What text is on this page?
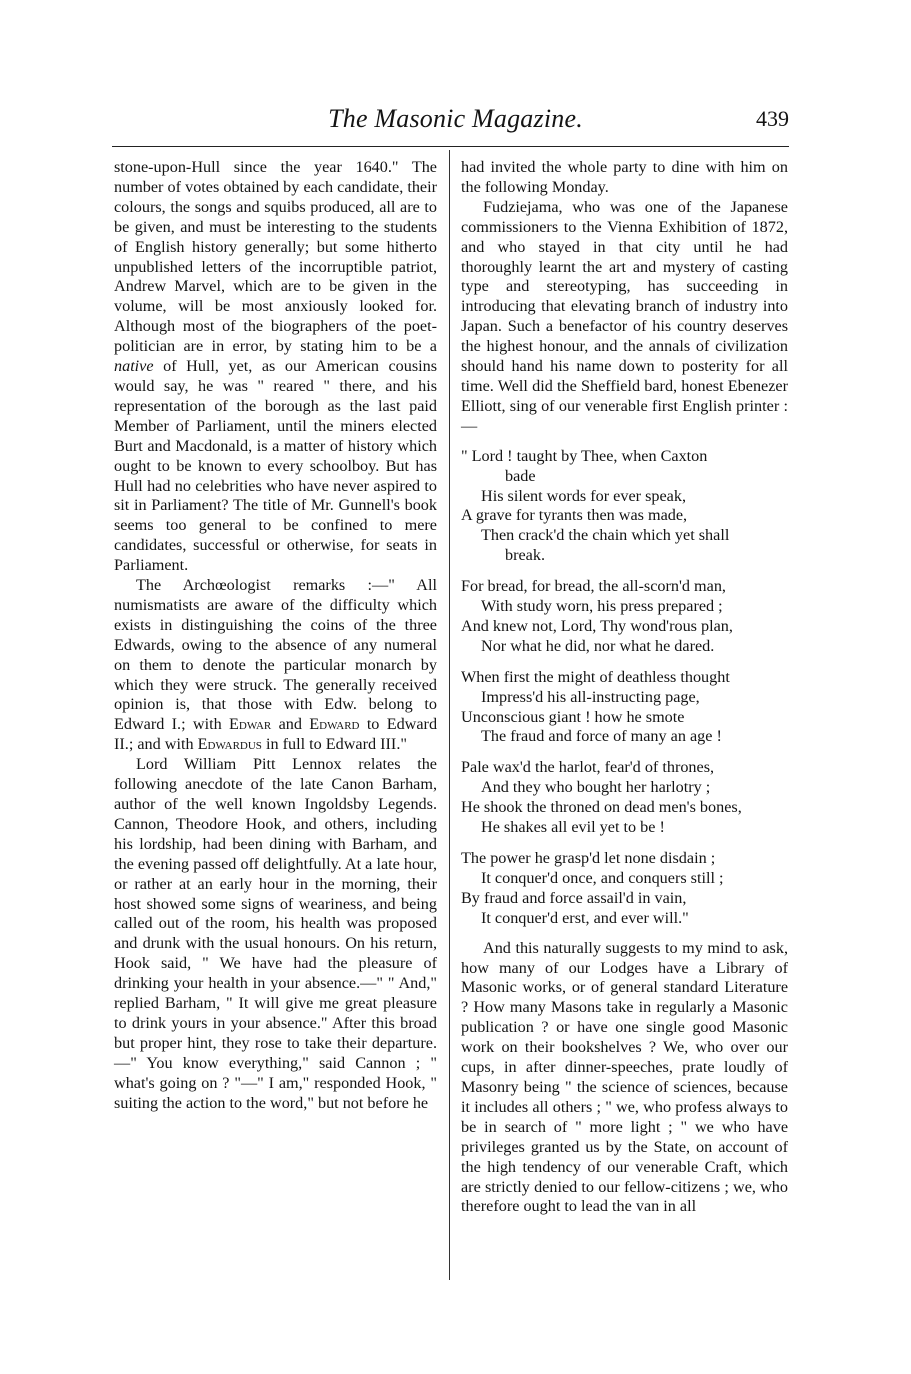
The Masonic Magazine.	439

stone-upon-Hull since the year 1640." The number of votes obtained by each candidate, their colours, the songs and squibs produced, all are to be given, and must be interesting to the students of English history generally; but some hitherto unpublished letters of the incorruptible patriot, Andrew Marvel, which are to be given in the volume, will be most anxiously looked for. Although most of the biographers of the poet-politician are in error, by stating him to be a native of Hull, yet, as our American cousins would say, he was " reared " there, and his representation of the borough as the last paid Member of Parliament, until the miners elected Burt and Macdonald, is a matter of history which ought to be known to every schoolboy. But has Hull had no celebrities who have never aspired to sit in Parliament? The title of Mr. Gunnell's book seems too general to be confined to mere candidates, successful or otherwise, for seats in Parliament.

The Archœologist remarks :—" All numismatists are aware of the difficulty which exists in distinguishing the coins of the three Edwards, owing to the absence of any numeral on them to denote the particular monarch by which they were struck. The generally received opinion is, that those with Edw. belong to Edward I.; with Edwar and Edward to Edward II.; and with Edwardus in full to Edward III."

Lord William Pitt Lennox relates the following anecdote of the late Canon Barham, author of the well known Ingoldsby Legends. Cannon, Theodore Hook, and others, including his lordship, had been dining with Barham, and the evening passed off delightfully. At a late hour, or rather at an early hour in the morning, their host showed some signs of weariness, and being called out of the room, his health was proposed and drunk with the usual honours. On his return, Hook said, " We have had the pleasure of drinking your health in your absence.—" " And," replied Barham, " It will give me great pleasure to drink yours in your absence." After this broad but proper hint, they rose to take their departure.—" You know everything," said Cannon ; " what's going on ? "—" I am," responded Hook, " suiting the action to the word," but not before he

had invited the whole party to dine with him on the following Monday.

Fudziejama, who was one of the Japanese commissioners to the Vienna Exhibition of 1872, and who stayed in that city until he had thoroughly learnt the art and mystery of casting type and stereotyping, has succeeding in introducing that elevating branch of industry into Japan. Such a benefactor of his country deserves the highest honour, and the annals of civilization should hand his name down to posterity for all time. Well did the Sheffield bard, honest Ebenezer Elliott, sing of our venerable first English printer :—

" Lord ! taught by Thee, when Caxton
bade
His silent words for ever speak,
A grave for tyrants then was made,
Then crack'd the chain which yet shall
break.
For bread, for bread, the all-scorn'd man,
With study worn, his press prepared ;
And knew not, Lord, Thy wond'rous plan,
Nor what he did, nor what he dared.
When first the might of deathless thought
Impress'd his all-instructing page,
Unconscious giant ! how he smote
The fraud and force of many an age !
Pale wax'd the harlot, fear'd of thrones,
And they who bought her harlotry ;
He shook the throned on dead men's bones,
He shakes all evil yet to be !
The power he grasp'd let none disdain ;
It conquer'd once, and conquers still ;
By fraud and force assail'd in vain,
It conquer'd erst, and ever will."

And this naturally suggests to my mind to ask, how many of our Lodges have a Library of Masonic works, or of general standard Literature ? How many Masons take in regularly a Masonic publication ? or have one single good Masonic work on their bookshelves ? We, who over our cups, in after dinner-speeches, prate loudly of Masonry being " the science of sciences, because it includes all others ; " we, who profess always to be in search of " more light ; " we who have privileges granted us by the State, on account of the high tendency of our venerable Craft, which are strictly denied to our fellow-citizens ; we, who therefore ought to lead the van in all
